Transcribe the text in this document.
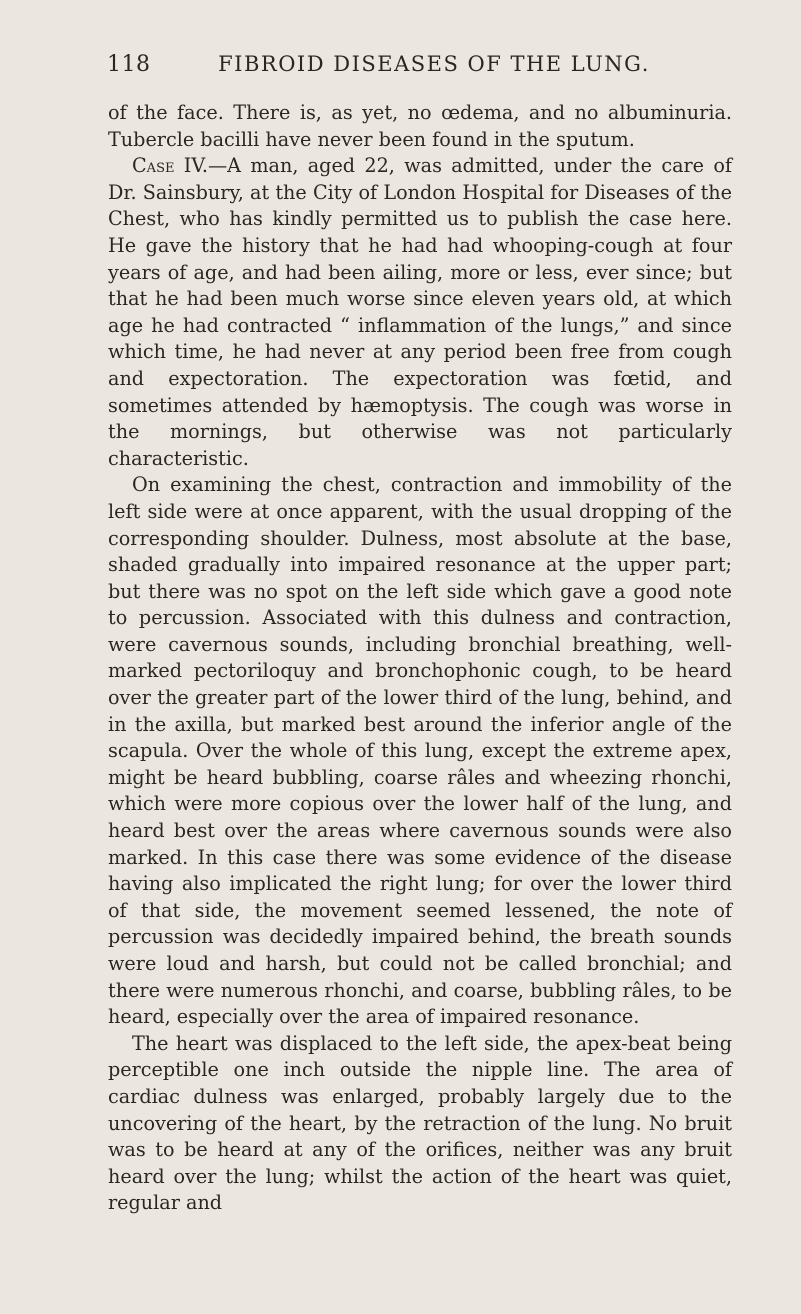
118	FIBROID DISEASES OF THE LUNG.

of the face. There is, as yet, no œdema, and no albuminuria. Tubercle bacilli have never been found in the sputum.

Case IV.—A man, aged 22, was admitted, under the care of Dr. Sainsbury, at the City of London Hospital for Diseases of the Chest, who has kindly permitted us to publish the case here. He gave the history that he had had whooping-cough at four years of age, and had been ailing, more or less, ever since; but that he had been much worse since eleven years old, at which age he had contracted “ inflammation of the lungs,” and since which time, he had never at any period been free from cough and expectoration. The expectoration was fœtid, and sometimes attended by hæmoptysis. The cough was worse in the mornings, but otherwise was not particularly characteristic.

On examining the chest, contraction and immobility of the left side were at once apparent, with the usual dropping of the corresponding shoulder. Dulness, most absolute at the base, shaded gradually into impaired resonance at the upper part; but there was no spot on the left side which gave a good note to percussion. Associated with this dulness and contraction, were cavernous sounds, including bronchial breathing, well-marked pectoriloquy and bronchophonic cough, to be heard over the greater part of the lower third of the lung, behind, and in the axilla, but marked best around the inferior angle of the scapula. Over the whole of this lung, except the extreme apex, might be heard bubbling, coarse râles and wheezing rhonchi, which were more copious over the lower half of the lung, and heard best over the areas where cavernous sounds were also marked. In this case there was some evidence of the disease having also implicated the right lung; for over the lower third of that side, the movement seemed lessened, the note of percussion was decidedly impaired behind, the breath sounds were loud and harsh, but could not be called bronchial; and there were numerous rhonchi, and coarse, bubbling râles, to be heard, especially over the area of impaired resonance.

The heart was displaced to the left side, the apex-beat being perceptible one inch outside the nipple line. The area of cardiac dulness was enlarged, probably largely due to the uncovering of the heart, by the retraction of the lung. No bruit was to be heard at any of the orifices, neither was any bruit heard over the lung; whilst the action of the heart was quiet, regular and
